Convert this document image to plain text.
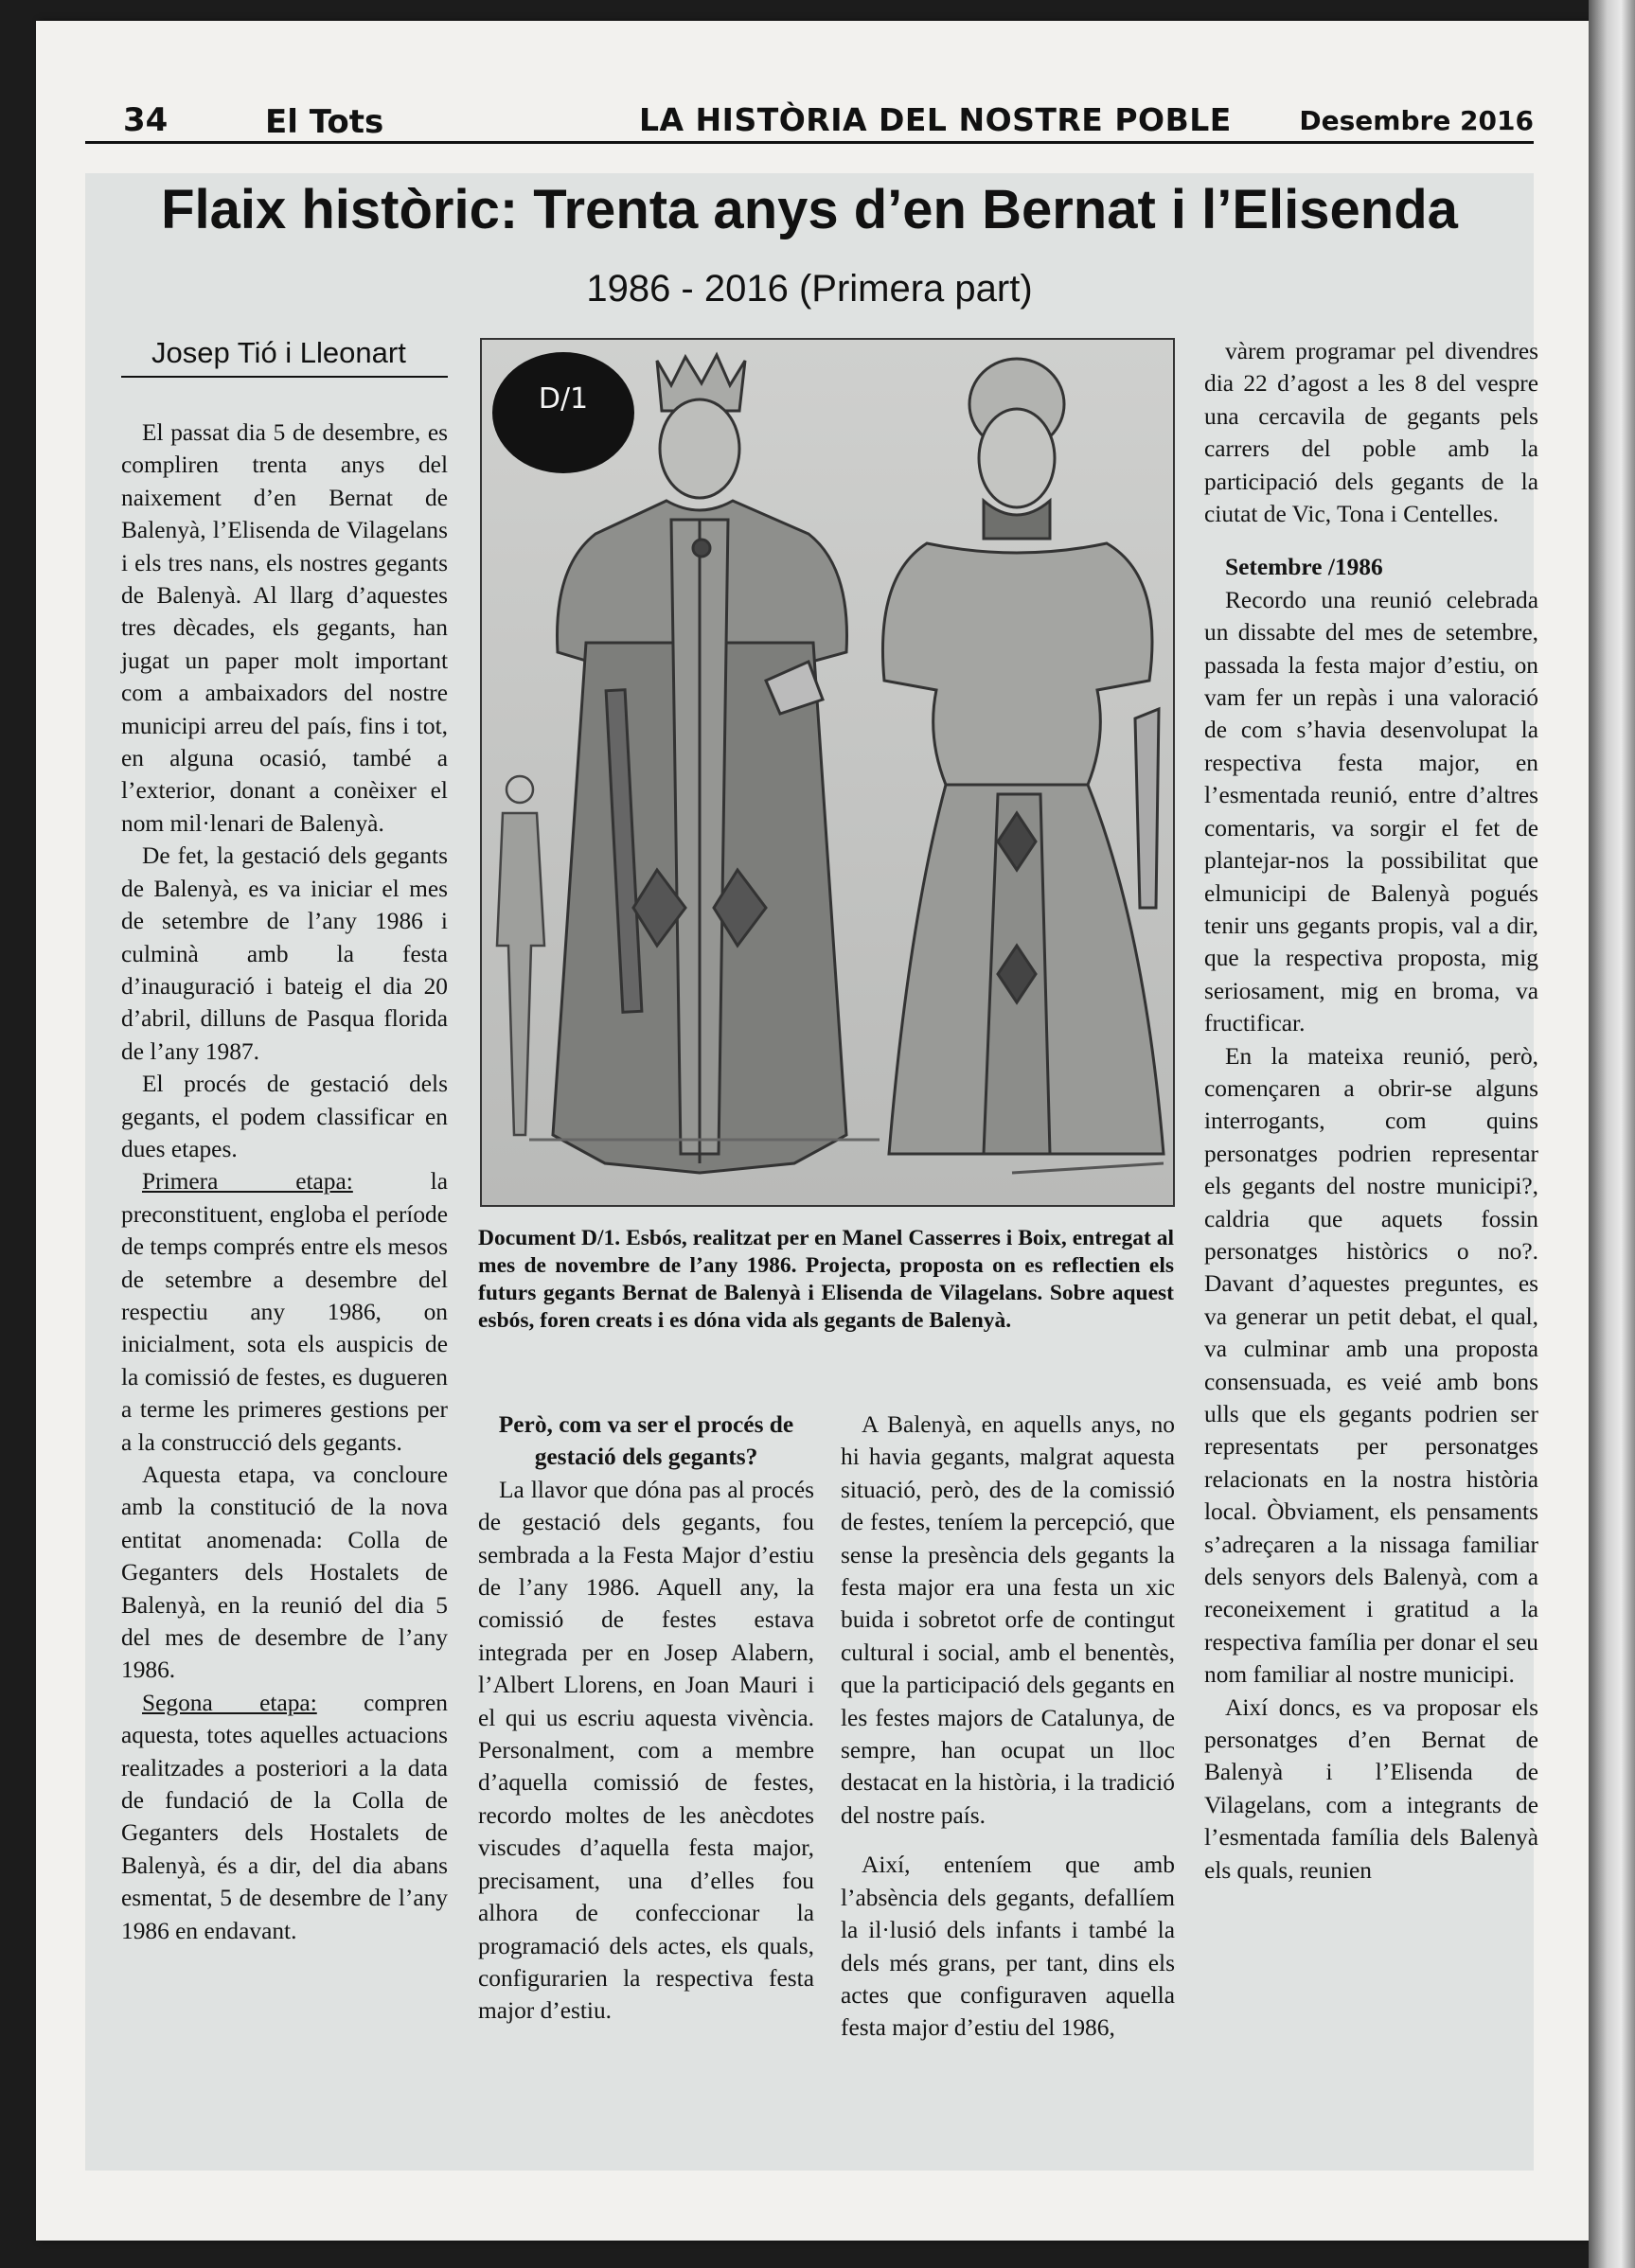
34	El Tots	LA HISTÒRIA DEL NOSTRE POBLE	Desembre 2016
Flaix històric: Trenta anys d’en Bernat i l’Elisenda
1986 - 2016 (Primera part)
Josep Tió i Lleonart

El passat dia 5 de desembre, es compliren trenta anys del naixement d’en Bernat de Balenyà, l’Elisenda de Vilagelans i els tres nans, els nostres gegants de Balenyà. Al llarg d’aquestes tres dècades, els gegants, han jugat un paper molt important com a ambaixadors del nostre municipi arreu del país, fins i tot, en alguna ocasió, també a l’exterior, donant a conèixer el nom mil·lenari de Balenyà.

De fet, la gestació dels gegants de Balenyà, es va iniciar el mes de setembre de l’any 1986 i culminà amb la festa d’inauguració i bateig el dia 20 d’abril, dilluns de Pasqua florida de l’any 1987.

El procés de gestació dels gegants, el podem classificar en dues etapes.

Primera etapa: la preconstituent, engloba el període de temps comprés entre els mesos de setembre a desembre del respectiu any 1986, on inicialment, sota els auspicis de la comissió de festes, es dugueren a terme les primeres gestions per a la construcció dels gegants.

Aquesta etapa, va concloure amb la constitució de la nova entitat anomenada: Colla de Geganters dels Hostalets de Balenyà, en la reunió del dia 5 del mes de desembre de l’any 1986.

Segona etapa: compren aquesta, totes aquelles actuacions realitzades a posteriori a la data de fundació de la Colla de Geganters dels Hostalets de Balenyà, és a dir, del dia abans esmentat, 5 de desembre de l’any 1986 en endavant.

D/1
Document D/1. Esbós, realitzat per en Manel Casserres i Boix, entregat al mes de novembre de l’any 1986. Projecta, proposta on es reflectien els futurs gegants Bernat de Balenyà i Elisenda de Vilagelans. Sobre aquest esbós, foren creats i es dóna vida als gegants de Balenyà.

Però, com va ser el procés de gestació dels gegants?

La llavor que dóna pas al procés de gestació dels gegants, fou sembrada a la Festa Major d’estiu de l’any 1986. Aquell any, la comissió de festes estava integrada per en Josep Alabern, l’Albert Llorens, en Joan Mauri i el qui us escriu aquesta vivència. Personalment, com a membre d’aquella comissió de festes, recordo moltes de les anècdotes viscudes d’aquella festa major, precisament, una d’elles fou alhora de confeccionar la programació dels actes, els quals, configurarien la respectiva festa major d’estiu.

A Balenyà, en aquells anys, no hi havia gegants, malgrat aquesta situació, però, des de la comissió de festes, teníem la percepció, que sense la presència dels gegants la festa major era una festa un xic buida i sobretot orfe de contingut cultural i social, amb el benentès, que la participació dels gegants en les festes majors de Catalunya, de sempre, han ocupat un lloc destacat en la història, i la tradició del nostre país.

Així, enteníem que amb l’absència dels gegants, defallíem la il·lusió dels infants i també la dels més grans, per tant, dins els actes que configuraven aquella festa major d’estiu del 1986,

vàrem programar pel divendres dia 22 d’agost a les 8 del vespre una cercavila de gegants pels carrers del poble amb la participació dels gegants de la ciutat de Vic, Tona i Centelles.

Setembre /1986

Recordo una reunió celebrada un dissabte del mes de setembre, passada la festa major d’estiu, on vam fer un repàs i una valoració de com s’havia desenvolupat la respectiva festa major, en l’esmentada reunió, entre d’altres comentaris, va sorgir el fet de plantejar-nos la possibilitat que elmunicipi de Balenyà pogués tenir uns gegants propis, val a dir, que la respectiva proposta, mig seriosament, mig en broma, va fructificar.

En la mateixa reunió, però, començaren a obrir-se alguns interrogants, com quins personatges podrien representar els gegants del nostre municipi?, caldria que aquets fossin personatges històrics o no?. Davant d’aquestes preguntes, es va generar un petit debat, el qual, va culminar amb una proposta consensuada, es veié amb bons ulls que els gegants podrien ser representats per personatges relacionats en la nostra història local. Òbviament, els pensaments s’adreçaren a la nissaga familiar dels senyors dels Balenyà, com a reconeixement i gratitud a la respectiva família per donar el seu nom familiar al nostre municipi.

Així doncs, es va proposar els personatges d’en Bernat de Balenyà i l’Elisenda de Vilagelans, com a integrants de l’esmentada família dels Balenyà els quals, reunien
